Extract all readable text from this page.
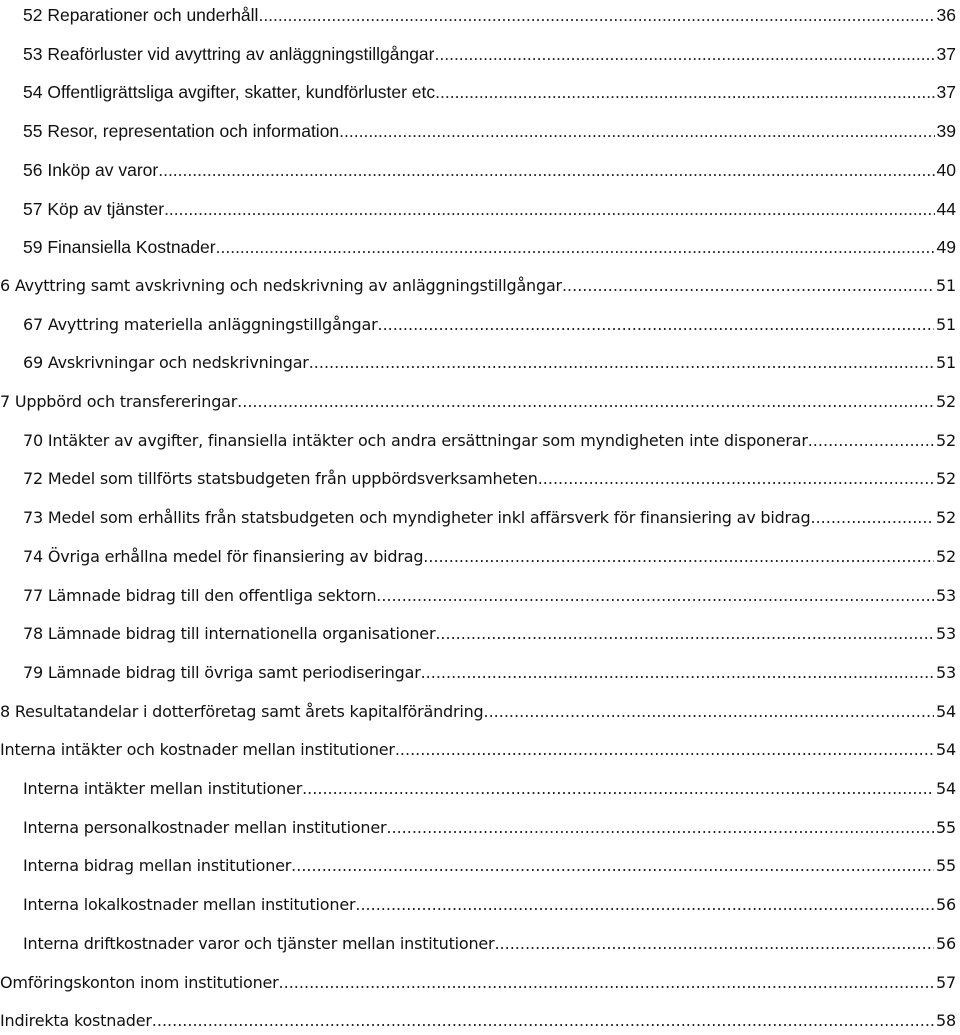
52 Reparationer och underhåll .....	36
53 Reaförluster vid avyttring av anläggningstillgångar .....	37
54 Offentligrättsliga avgifter, skatter, kundförluster etc .....	37
55 Resor, representation och information .....	39
56 Inköp av varor .....	40
57 Köp av tjänster .....	44
59 Finansiella Kostnader .....	49
6 Avyttring samt avskrivning och nedskrivning av anläggningstillgångar .....	51
67 Avyttring materiella anläggningstillgångar .....	51
69 Avskrivningar och nedskrivningar .....	51
7 Uppbörd och transfereringar .....	52
70 Intäkter av avgifter, finansiella intäkter och andra ersättningar som myndigheten inte disponerar .....	52
72 Medel som tillförts statsbudgeten från uppbördsverksamheten .....	52
73 Medel som erhållits från statsbudgeten och myndigheter inkl affärsverk för finansiering av bidrag .....	52
74 Övriga erhållna medel för finansiering av bidrag .....	52
77 Lämnade bidrag till den offentliga sektorn .....	53
78 Lämnade bidrag till internationella organisationer .....	53
79 Lämnade bidrag till övriga samt periodiseringar .....	53
8 Resultatandelar i dotterföretag samt årets kapitalförändring .....	54
Interna intäkter och kostnader mellan institutioner .....	54
Interna intäkter mellan institutioner .....	54
Interna personalkostnader mellan institutioner .....	55
Interna bidrag mellan institutioner .....	55
Interna lokalkostnader mellan institutioner .....	56
Interna driftkostnader varor och tjänster mellan institutioner .....	56
Omföringskonton inom institutioner .....	57
Indirekta kostnader .....	58
